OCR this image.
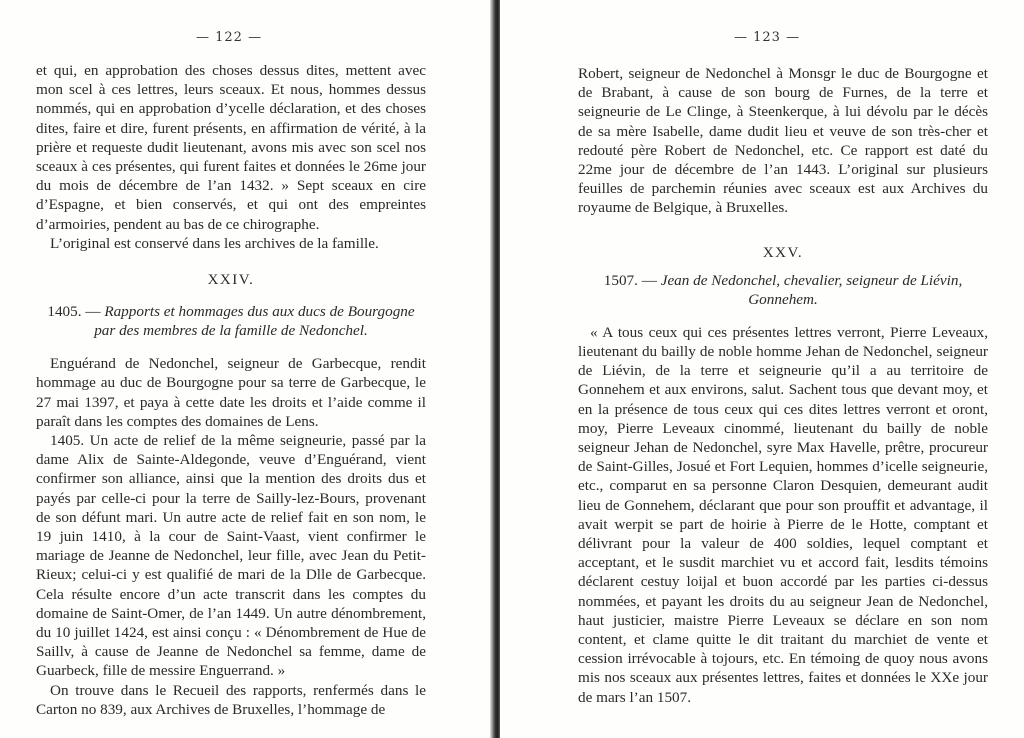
— 122 —

et qui, en approbation des choses dessus dites, mettent avec mon scel à ces lettres, leurs sceaux. Et nous, hommes dessus nommés, qui en approbation d’ycelle déclaration, et des choses dites, faire et dire, furent présents, en affirmation de vérité, à la prière et requeste dudit lieutenant, avons mis avec son scel nos sceaux à ces présentes, qui furent faites et données le 26me jour du mois de décembre de l’an 1432. » Sept sceaux en cire d’Espagne, et bien conservés, et qui ont des empreintes d’armoiries, pendent au bas de ce chirographe.

L’original est conservé dans les archives de la famille.

XXIV.

1405. — Rapports et hommages dus aux ducs de Bourgogne par des membres de la famille de Nedonchel.

Enguérand de Nedonchel, seigneur de Garbecque, rendit hommage au duc de Bourgogne pour sa terre de Garbecque, le 27 mai 1397, et paya à cette date les droits et l’aide comme il paraît dans les comptes des domaines de Lens.

1405. Un acte de relief de la même seigneurie, passé par la dame Alix de Sainte-Aldegonde, veuve d’Enguérand, vient confirmer son alliance, ainsi que la mention des droits dus et payés par celle-ci pour la terre de Sailly-lez-Bours, provenant de son défunt mari. Un autre acte de relief fait en son nom, le 19 juin 1410, à la cour de Saint-Vaast, vient confirmer le mariage de Jeanne de Nedonchel, leur fille, avec Jean du Petit-Rieux; celui-ci y est qualifié de mari de la Dlle de Garbecque. Cela résulte encore d’un acte transcrit dans les comptes du domaine de Saint-Omer, de l’an 1449. Un autre dénombrement, du 10 juillet 1424, est ainsi conçu : « Dénombrement de Hue de Saillv, à cause de Jeanne de Nedonchel sa femme, dame de Guarbeck, fille de messire Enguerrand. »

On trouve dans le Recueil des rapports, renfermés dans le Carton no 839, aux Archives de Bruxelles, l’hommage de

— 123 —

Robert, seigneur de Nedonchel à Monsgr le duc de Bourgogne et de Brabant, à cause de son bourg de Furnes, de la terre et seigneurie de Le Clinge, à Steenkerque, à lui dévolu par le décès de sa mère Isabelle, dame dudit lieu et veuve de son très-cher et redouté père Robert de Nedonchel, etc. Ce rapport est daté du 22me jour de décembre de l’an 1443. L’original sur plusieurs feuilles de parchemin réunies avec sceaux est aux Archives du royaume de Belgique, à Bruxelles.

XXV.

1507. — Jean de Nedonchel, chevalier, seigneur de Liévin, Gonnehem.

« A tous ceux qui ces présentes lettres verront, Pierre Leveaux, lieutenant du bailly de noble homme Jehan de Nedonchel, seigneur de Liévin, de la terre et seigneurie qu’il a au territoire de Gonnehem et aux environs, salut. Sachent tous que devant moy, et en la présence de tous ceux qui ces dites lettres verront et oront, moy, Pierre Leveaux cinommé, lieutenant du bailly de noble seigneur Jehan de Nedonchel, syre Max Havelle, prêtre, procureur de Saint-Gilles, Josué et Fort Lequien, hommes d’icelle seigneurie, etc., comparut en sa personne Claron Desquien, demeurant audit lieu de Gonnehem, déclarant que pour son prouffit et advantage, il avait werpit se part de hoirie à Pierre de le Hotte, comptant et délivrant pour la valeur de 400 soldies, lequel comptant et acceptant, et le susdit marchiet vu et accord fait, lesdits témoins déclarent cestuy loijal et buon accordé par les parties ci-dessus nommées, et payant les droits du au seigneur Jean de Nedonchel, haut justicier, maistre Pierre Leveaux se déclare en son nom content, et clame quitte le dit traitant du marchiet de vente et cession irrévocable à tojours, etc. En témoing de quoy nous avons mis nos sceaux aux présentes lettres, faites et données le XXe jour de mars l’an 1507.
